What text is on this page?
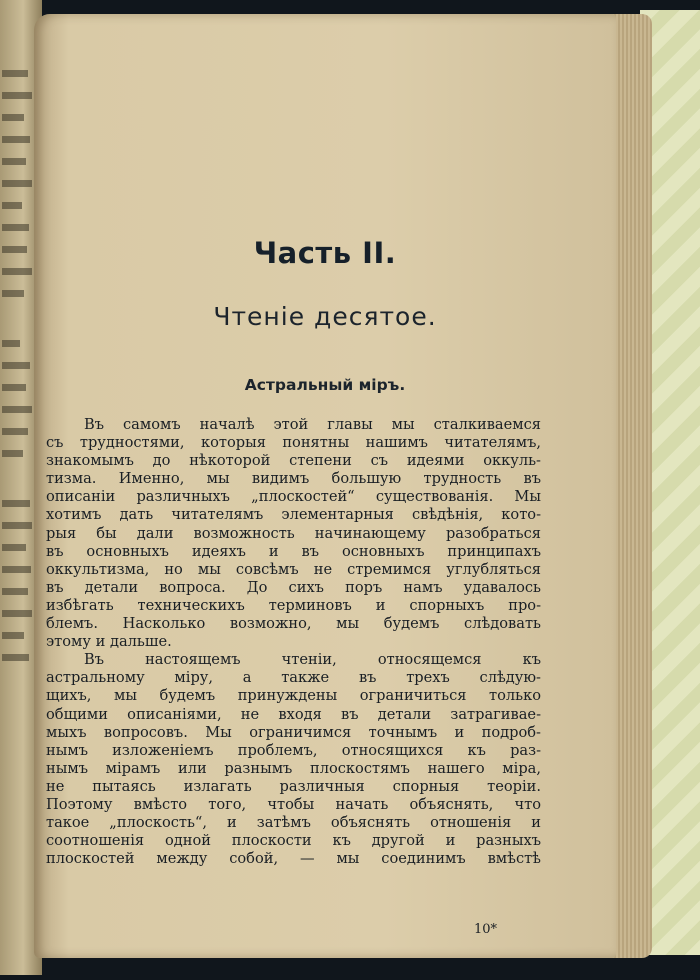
Часть II.
Чтеніе десятое.
Астральный міръ.
Въ самомъ началѣ этой главы мы сталкиваемся
съ трудностями, которыя понятны нашимъ читателямъ,
знакомымъ до нѣкоторой степени съ идеями оккуль-
тизма. Именно, мы видимъ большую трудность въ
описаніи различныхъ „плоскостей“ существованія. Мы
хотимъ дать читателямъ элементарныя свѣдѣнія, кото-
рыя бы дали возможность начинающему разобраться
въ основныхъ идеяхъ и въ основныхъ принципахъ
оккультизма, но мы совсѣмъ не стремимся углубляться
въ детали вопроса. До сихъ поръ намъ удавалось
избѣгать техническихъ терминовъ и спорныхъ про-
блемъ. Насколько возможно, мы будемъ слѣдовать
этому и дальше.
Въ настоящемъ чтеніи, относящемся къ
астральному міру, а также въ трехъ слѣдую-
щихъ, мы будемъ принуждены ограничиться только
общими описаніями, не входя въ детали затрагивае-
мыхъ вопросовъ. Мы ограничимся точнымъ и подроб-
нымъ изложеніемъ проблемъ, относящихся къ раз-
нымъ мірамъ или разнымъ плоскостямъ нашего міра,
не пытаясь излагать различныя спорныя теоріи.
Поэтому вмѣсто того, чтобы начать объяснять, что
такое „плоскость“, и затѣмъ объяснять отношенія и
соотношенія одной плоскости къ другой и разныхъ
плоскостей между собой, — мы соединимъ вмѣстѣ
10*
